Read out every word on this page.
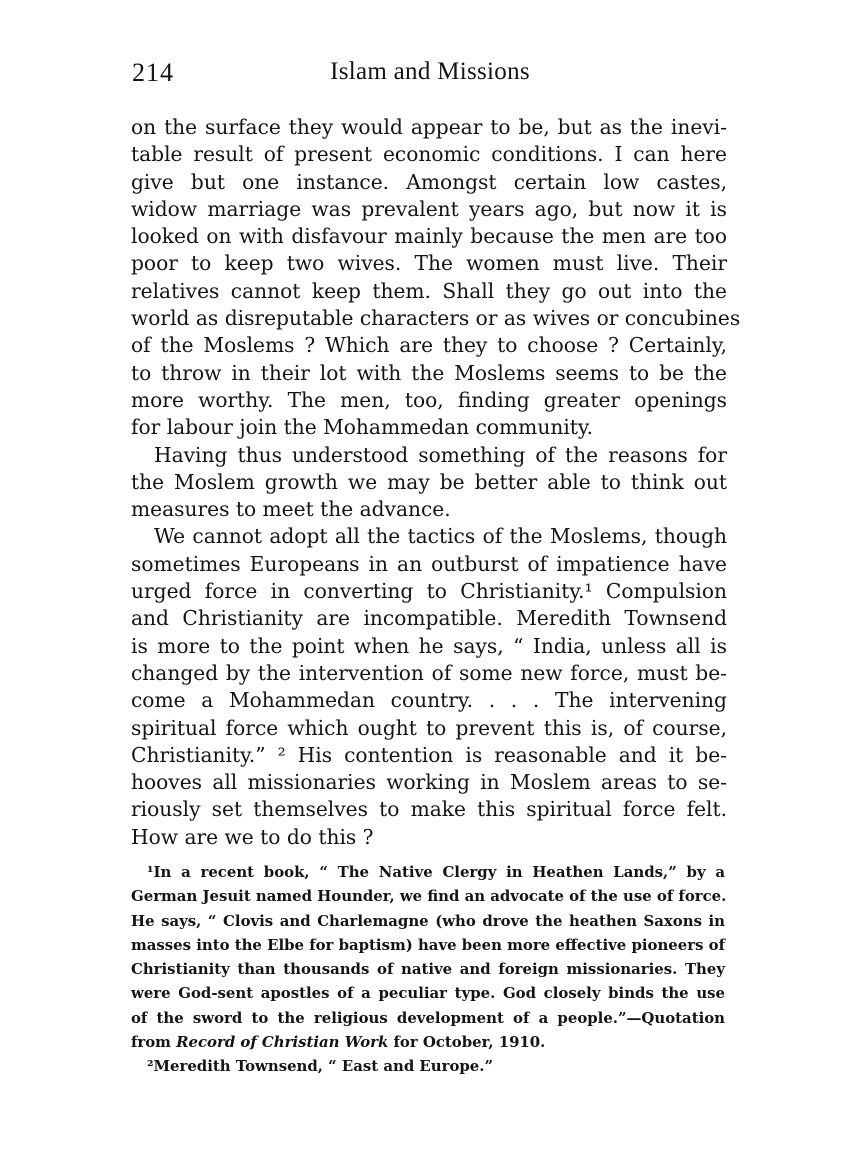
214	Islam and Missions
on the surface they would appear to be, but as the inevi-
table result of present economic conditions. I can here
give but one instance. Amongst certain low castes,
widow marriage was prevalent years ago, but now it is
looked on with disfavour mainly because the men are too
poor to keep two wives. The women must live. Their
relatives cannot keep them. Shall they go out into the
world as disreputable characters or as wives or concubines
of the Moslems ? Which are they to choose ? Certainly,
to throw in their lot with the Moslems seems to be the
more worthy. The men, too, finding greater openings
for labour join the Mohammedan community.
Having thus understood something of the reasons for
the Moslem growth we may be better able to think out
measures to meet the advance.
We cannot adopt all the tactics of the Moslems, though
sometimes Europeans in an outburst of impatience have
urged force in converting to Christianity.¹ Compulsion
and Christianity are incompatible. Meredith Townsend
is more to the point when he says, “ India, unless all is
changed by the intervention of some new force, must be-
come a Mohammedan country. . . . The intervening
spiritual force which ought to prevent this is, of course,
Christianity.” ² His contention is reasonable and it be-
hooves all missionaries working in Moslem areas to se-
riously set themselves to make this spiritual force felt.
How are we to do this ?
¹In a recent book, “ The Native Clergy in Heathen Lands,” by a
German Jesuit named Hounder, we find an advocate of the use of force.
He says, “ Clovis and Charlemagne (who drove the heathen Saxons in
masses into the Elbe for baptism) have been more effective pioneers of
Christianity than thousands of native and foreign missionaries. They
were God-sent apostles of a peculiar type. God closely binds the use
of the sword to the religious development of a people.”—Quotation
from Record of Christian Work for October, 1910.
²Meredith Townsend, “ East and Europe.”
